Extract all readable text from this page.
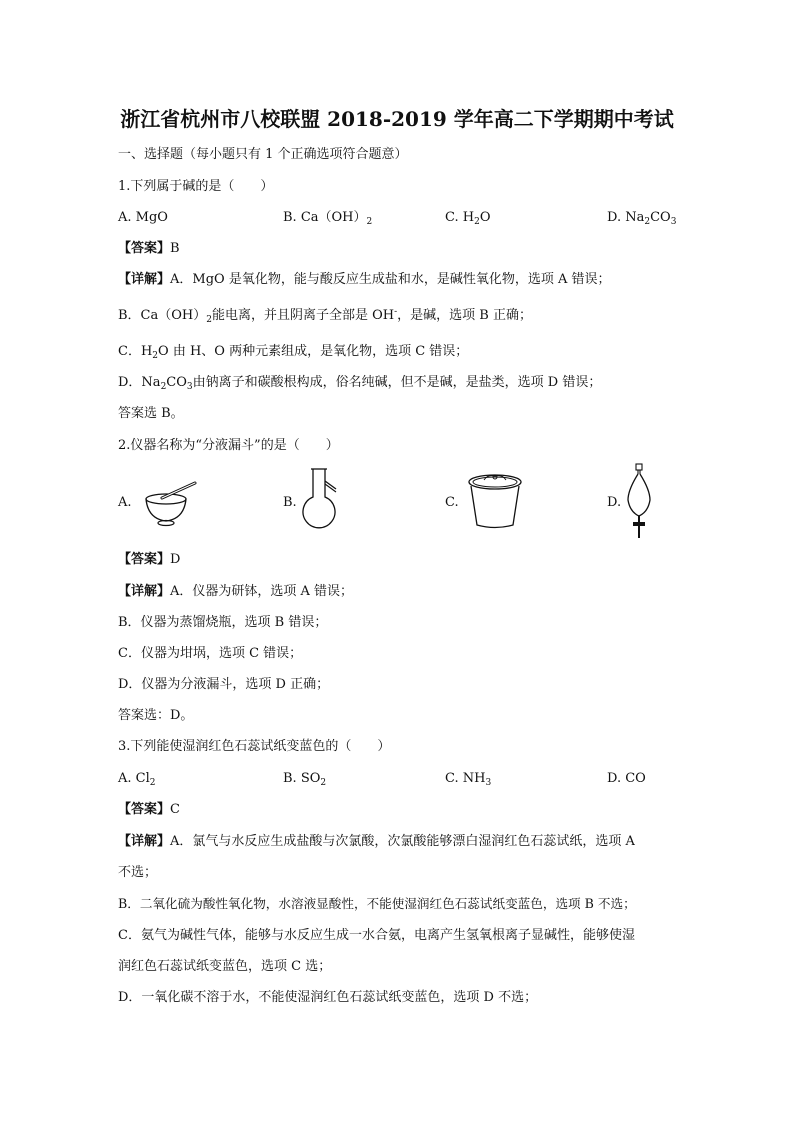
浙江省杭州市八校联盟 2018-2019 学年高二下学期期中考试
一、选择题（每小题只有 1 个正确选项符合题意）
1.下列属于碱的是（　　）
A. MgO	B. $Ca(OH)_2$	C. $H_2O$	D. $Na_2CO_3$
【答案】B
【详解】A．MgO 是氧化物，能与酸反应生成盐和水，是碱性氧化物，选项 A 错误；
B．$Ca(OH)_2$能电离，并且阴离子全部是 OH-，是碱，选项 B 正确；
C．$H_2O$ 由 H、O 两种元素组成，是氧化物，选项 C 错误；
D．$Na_2CO_3$由钠离子和碳酸根构成，俗名纯碱，但不是碱，是盐类，选项 D 错误；
答案选 B。
2.仪器名称为“分液漏斗”的是（　　）
A.	B.	C.	D.
【答案】D
【详解】A．仪器为研钵，选项 A 错误；
B．仪器为蒸馏烧瓶，选项 B 错误；
C．仪器为坩埚，选项 C 错误；
D．仪器为分液漏斗，选项 D 正确；
答案选：D。
3.下列能使湿润红色石蕊试纸变蓝色的（　　）
A. $Cl_2$	B. $SO_2$	C. $NH_3$	D. CO
【答案】C
【详解】A．氯气与水反应生成盐酸与次氯酸，次氯酸能够漂白湿润红色石蕊试纸，选项 A
不选；
B．二氧化硫为酸性氧化物，水溶液显酸性，不能使湿润红色石蕊试纸变蓝色，选项 B 不选；
C．氨气为碱性气体，能够与水反应生成一水合氨，电离产生氢氧根离子显碱性，能够使湿
润红色石蕊试纸变蓝色，选项 C 选；
D．一氧化碳不溶于水，不能使湿润红色石蕊试纸变蓝色，选项 D 不选；
